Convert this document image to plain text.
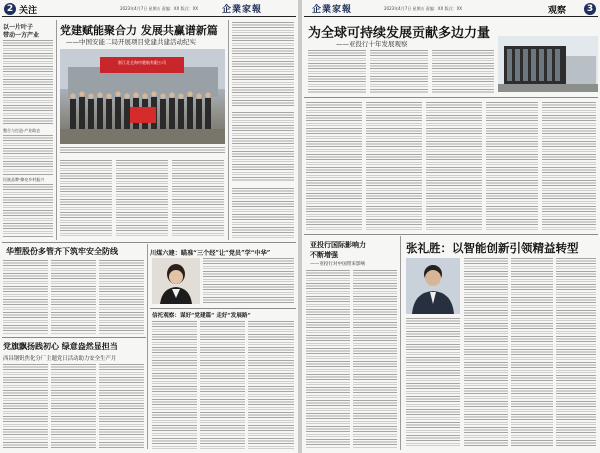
2 关注	2023年4月7日 星期五 责编：XX 版式：XX	企業家報
以一片叶子
带动一方产业
整合与打造·产业助农
民族品牌·擦亮乡村振兴
党建赋能聚合力 发展共赢谱新篇
——中国安能二局开展项目党建共建活动纪实
浙江北仑海中港航有限公司
华塑股份多管齐下筑牢安全防线	川煤六建：瞄准“三个经”让“党员”学“中华”
信托观察：谋好“党建篇” 走好“发展路”
党旗飘扬践初心 绿意盎然显担当
西昌钢钒焦化分厂主题党日活动助力安全生产月
企業家報	2023年4月7日 星期五 责编：XX 版式：XX	观察	3
为全球可持续发展贡献多边力量
——亚投行十年发展观察
亚投行国际影响力
不断增强
——亚投行对中国带来影响
张礼胜：以智能创新引领精益转型
